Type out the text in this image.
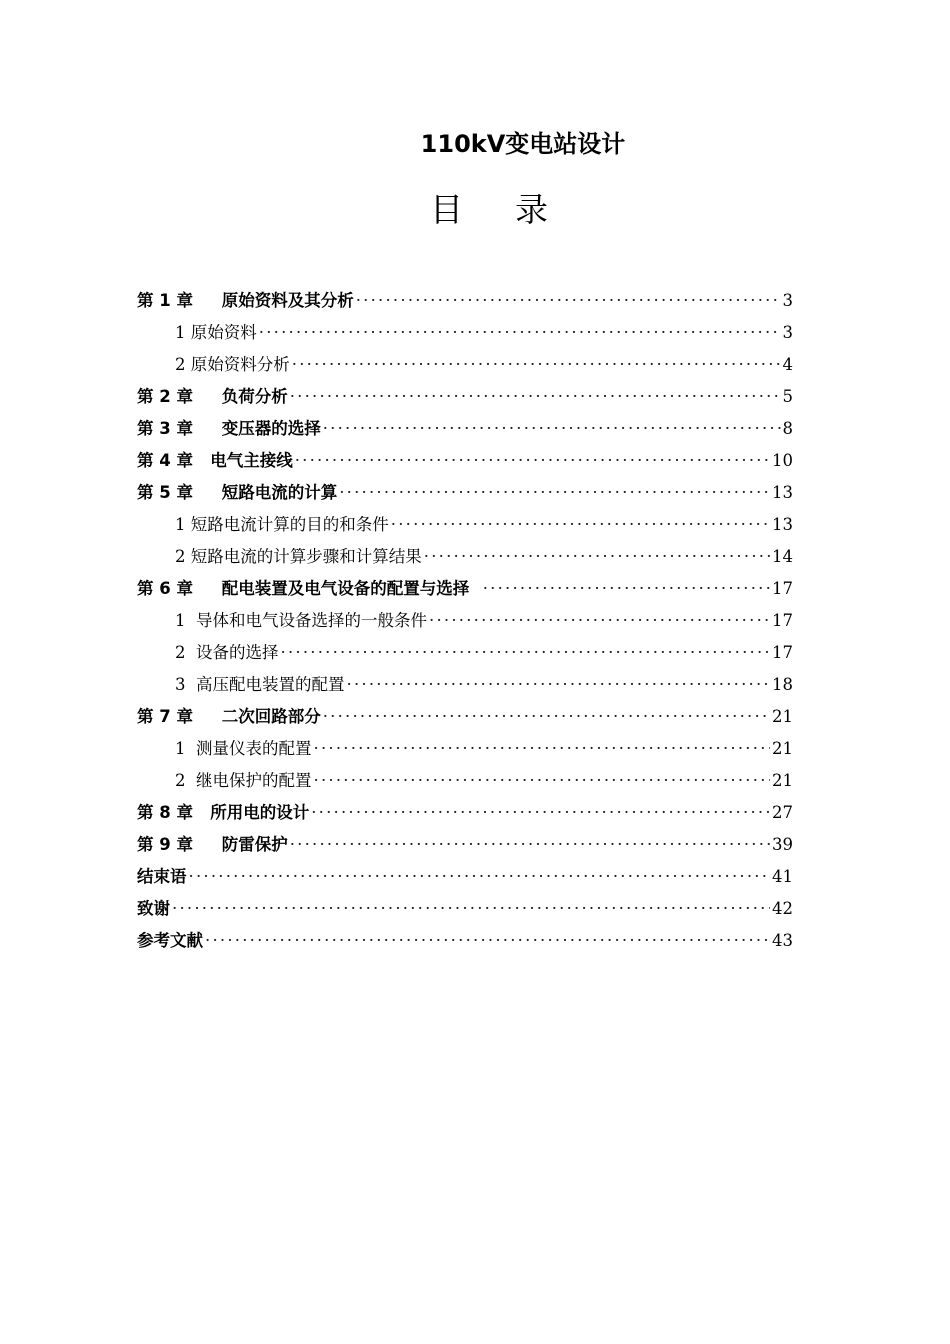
110kV变电站设计
目录
第 1 章     原始资料及其分析 ·····	3
1 原始资料 ·····	3
2 原始资料分析 ·····	4
第 2 章     负荷分析 ·····	5
第 3 章     变压器的选择 ·····	8
第 4 章   电气主接线 ·····	10
第 5 章     短路电流的计算 ·····	13
1 短路电流计算的目的和条件 ·····	13
2 短路电流的计算步骤和计算结果 ·····	14
第 6 章     配电装置及电气设备的配置与选择 ·····	17
1  导体和电气设备选择的一般条件 ·····	17
2  设备的选择 ·····	17
3  高压配电装置的配置 ·····	18
第 7 章     二次回路部分 ·····	21
1  测量仪表的配置 ·····	21
2  继电保护的配置 ·····	21
第 8 章   所用电的设计 ·····	27
第 9 章     防雷保护 ·····	39
结束语 ·····	41
致谢 ·····	42
参考文献 ·····	43
